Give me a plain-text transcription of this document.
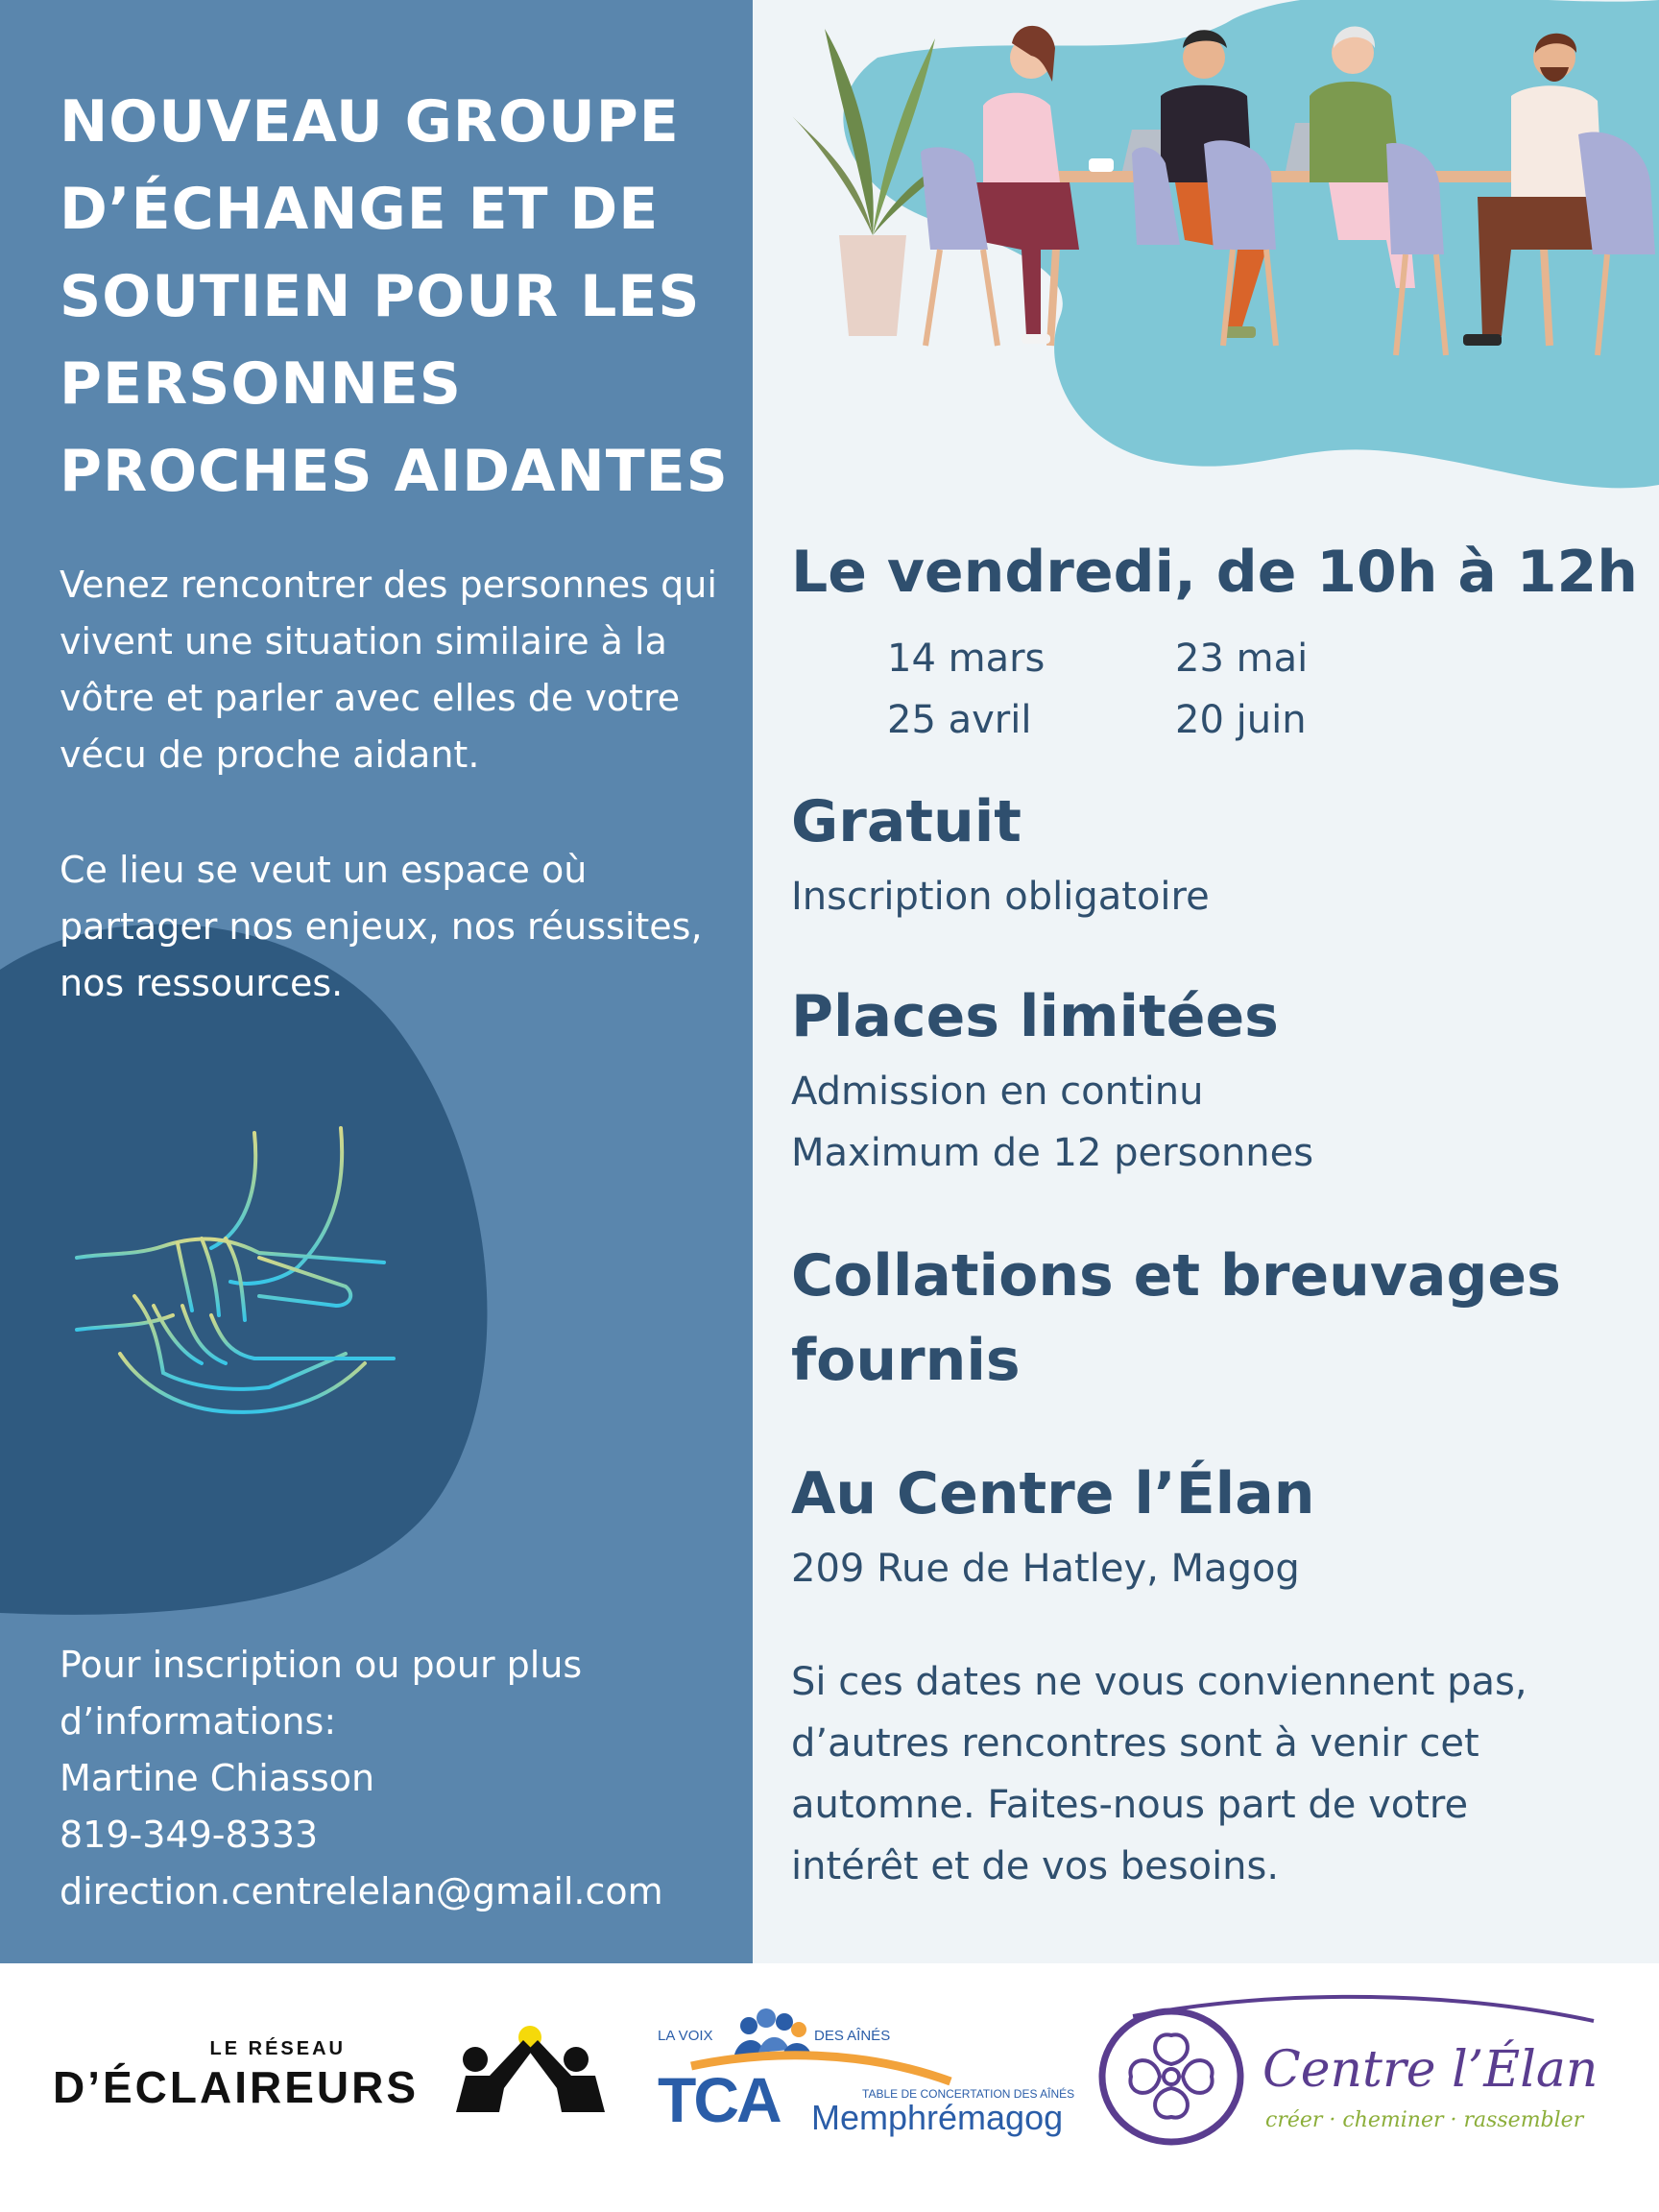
NOUVEAU GROUPE
D’ÉCHANGE ET DE
SOUTIEN POUR LES
PERSONNES
PROCHES AIDANTES

Venez rencontrer des personnes qui vivent une situation similaire à la vôtre et parler avec elles de votre vécu de proche aidant.

Ce lieu se veut un espace où partager nos enjeux, nos réussites, nos ressources.

Pour inscription ou pour plus
d’informations:
Martine Chiasson
819-349-8333
direction.centrelelan@gmail.com

Le vendredi, de 10h à 12h
14 mars	23 mai
25 avril	20 juin
Gratuit

Inscription obligatoire

Places limitées

Admission en continu
Maximum de 12 personnes

Collations et breuvages fournis
Au Centre l’Élan

209 Rue de Hatley, Magog

Si ces dates ne vous conviennent pas,
d’autres rencontres sont à venir cet
automne. Faites-nous part de votre
intérêt et de vos besoins.

LE RÉSEAU
D’ÉCLAIREURS
LA VOIX	DES AÎNÉS
TCA	TABLE DE CONCERTATION DES AÎNÉS
Memphrémagog
Centre l’Élan
créer · cheminer · rassembler
